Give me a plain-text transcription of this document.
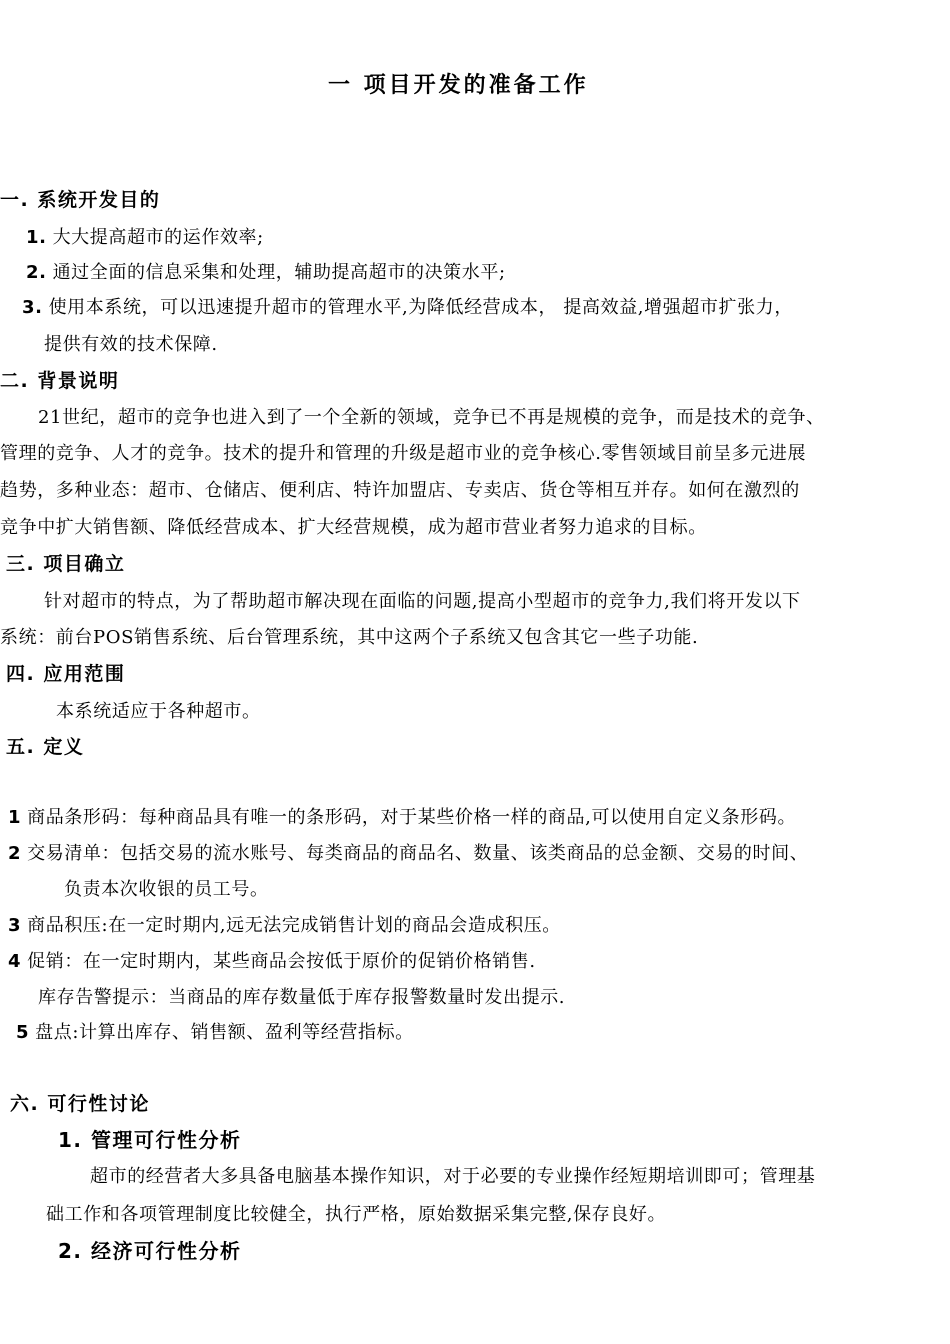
一 项目开发的准备工作
一. 系统开发目的
1. 大大提高超市的运作效率;
2. 通过全面的信息采集和处理，辅助提高超市的决策水平;
3. 使用本系统，可以迅速提升超市的管理水平,为降低经营成本， 提高效益,增强超市扩张力，
提供有效的技术保障.
二. 背景说明
21世纪，超市的竞争也进入到了一个全新的领域，竞争已不再是规模的竞争，而是技术的竞争、
管理的竞争、人才的竞争。技术的提升和管理的升级是超市业的竞争核心.零售领域目前呈多元进展
趋势，多种业态：超市、仓储店、便利店、特许加盟店、专卖店、货仓等相互并存。如何在激烈的
竞争中扩大销售额、降低经营成本、扩大经营规模，成为超市营业者努力追求的目标。
三. 项目确立
针对超市的特点，为了帮助超市解决现在面临的问题,提高小型超市的竞争力,我们将开发以下
系统：前台POS销售系统、后台管理系统，其中这两个子系统又包含其它一些子功能.
四. 应用范围
本系统适应于各种超市。
五. 定义
1 商品条形码：每种商品具有唯一的条形码，对于某些价格一样的商品,可以使用自定义条形码。
2 交易清单：包括交易的流水账号、每类商品的商品名、数量、该类商品的总金额、交易的时间、
负责本次收银的员工号。
3 商品积压:在一定时期内,远无法完成销售计划的商品会造成积压。
4 促销：在一定时期内，某些商品会按低于原价的促销价格销售.
库存告警提示：当商品的库存数量低于库存报警数量时发出提示.
5 盘点:计算出库存、销售额、盈利等经营指标。
六. 可行性讨论
1. 管理可行性分析
超市的经营者大多具备电脑基本操作知识，对于必要的专业操作经短期培训即可；管理基
础工作和各项管理制度比较健全，执行严格，原始数据采集完整,保存良好。
2. 经济可行性分析
